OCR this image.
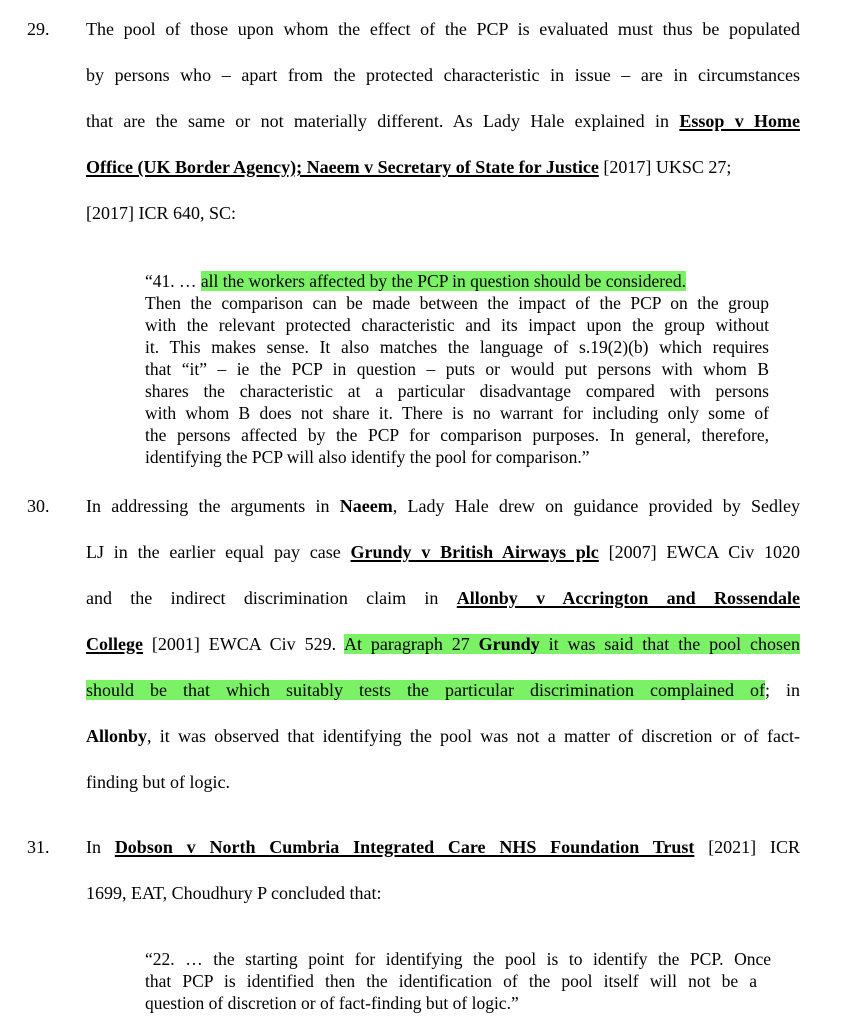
29. The pool of those upon whom the effect of the PCP is evaluated must thus be populated
by persons who – apart from the protected characteristic in issue – are in circumstances
that are the same or not materially different. As Lady Hale explained in Essop v Home
Office (UK Border Agency); Naeem v Secretary of State for Justice [2017] UKSC 27;
[2017] ICR 640, SC:
“41. … all the workers affected by the PCP in question should be considered.
Then the comparison can be made between the impact of the PCP on the group
with the relevant protected characteristic and its impact upon the group without
it. This makes sense. It also matches the language of s.19(2)(b) which requires
that “it” – ie the PCP in question – puts or would put persons with whom B
shares the characteristic at a particular disadvantage compared with persons
with whom B does not share it. There is no warrant for including only some of
the persons affected by the PCP for comparison purposes. In general, therefore,
identifying the PCP will also identify the pool for comparison.”
30. In addressing the arguments in Naeem, Lady Hale drew on guidance provided by Sedley
LJ in the earlier equal pay case Grundy v British Airways plc [2007] EWCA Civ 1020
and the indirect discrimination claim in Allonby v Accrington and Rossendale
College [2001] EWCA Civ 529. At paragraph 27 Grundy it was said that the pool chosen
should be that which suitably tests the particular discrimination complained of; in
Allonby, it was observed that identifying the pool was not a matter of discretion or of fact-
finding but of logic.
31. In Dobson v North Cumbria Integrated Care NHS Foundation Trust [2021] ICR
1699, EAT, Choudhury P concluded that:
“22. … the starting point for identifying the pool is to identify the PCP. Once
that PCP is identified then the identification of the pool itself will not be a
question of discretion or of fact-finding but of logic.”
